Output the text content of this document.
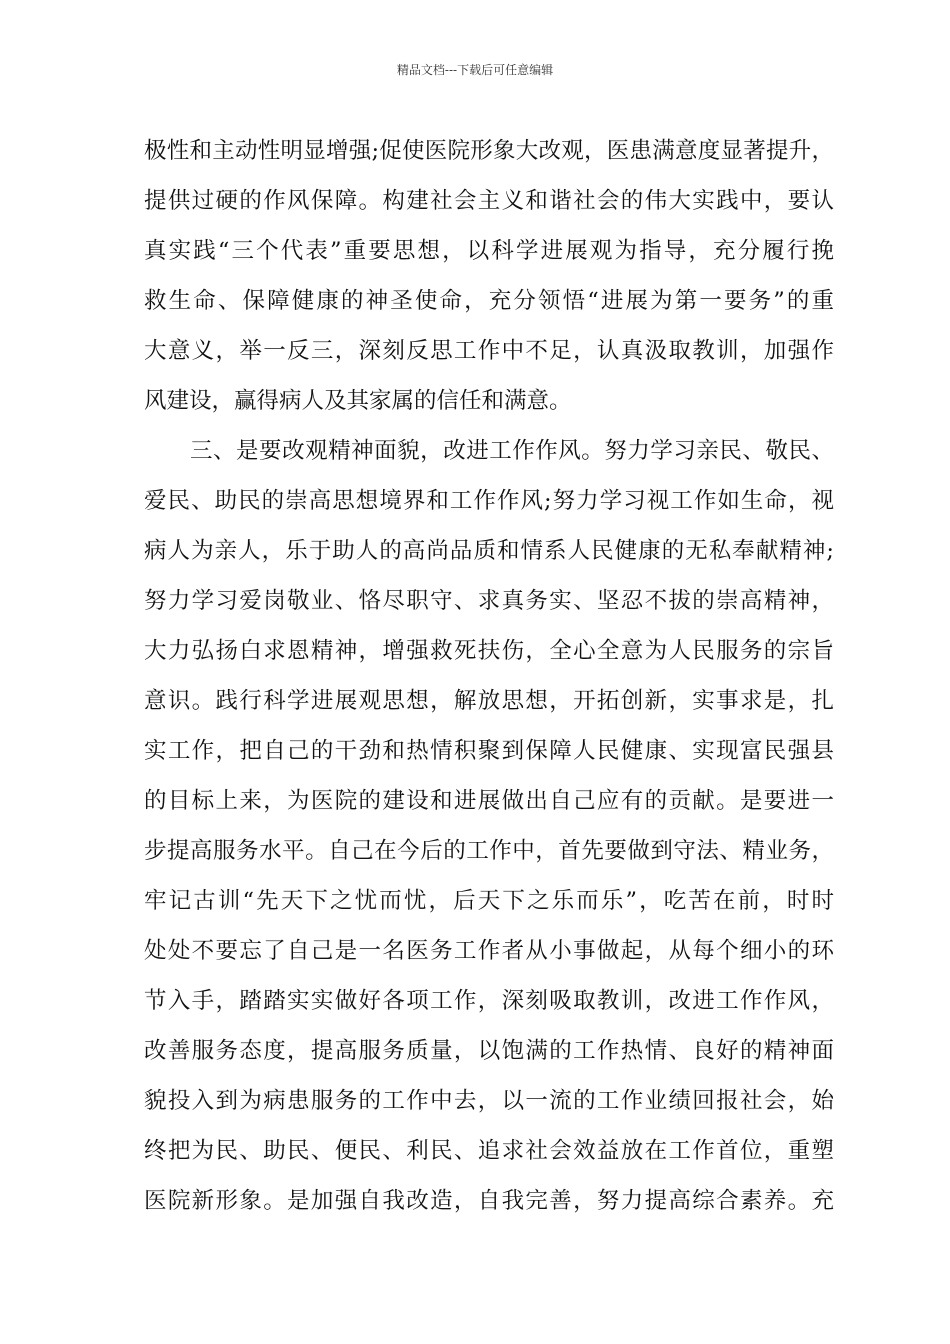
精品文档---下载后可任意编辑
极性和主动性明显增强;促使医院形象大改观，医患满意度显著提升，
提供过硬的作风保障。构建社会主义和谐社会的伟大实践中，要认
真实践“三个代表”重要思想，以科学进展观为指导，充分履行挽
救生命、保障健康的神圣使命，充分领悟“进展为第一要务”的重
大意义，举一反三，深刻反思工作中不足，认真汲取教训，加强作
风建设，赢得病人及其家属的信任和满意。
三、是要改观精神面貌，改进工作作风。努力学习亲民、敬民、
爱民、助民的崇高思想境界和工作作风;努力学习视工作如生命，视
病人为亲人，乐于助人的高尚品质和情系人民健康的无私奉献精神;
努力学习爱岗敬业、恪尽职守、求真务实、坚忍不拔的崇高精神，
大力弘扬白求恩精神，增强救死扶伤，全心全意为人民服务的宗旨
意识。践行科学进展观思想，解放思想，开拓创新，实事求是，扎
实工作，把自己的干劲和热情积聚到保障人民健康、实现富民强县
的目标上来，为医院的建设和进展做出自己应有的贡献。是要进一
步提高服务水平。自己在今后的工作中，首先要做到守法、精业务，
牢记古训“先天下之忧而忧，后天下之乐而乐”，吃苦在前，时时
处处不要忘了自己是一名医务工作者从小事做起，从每个细小的环
节入手，踏踏实实做好各项工作，深刻吸取教训，改进工作作风，
改善服务态度，提高服务质量，以饱满的工作热情、良好的精神面
貌投入到为病患服务的工作中去，以一流的工作业绩回报社会，始
终把为民、助民、便民、利民、追求社会效益放在工作首位，重塑
医院新形象。是加强自我改造，自我完善，努力提高综合素养。充
